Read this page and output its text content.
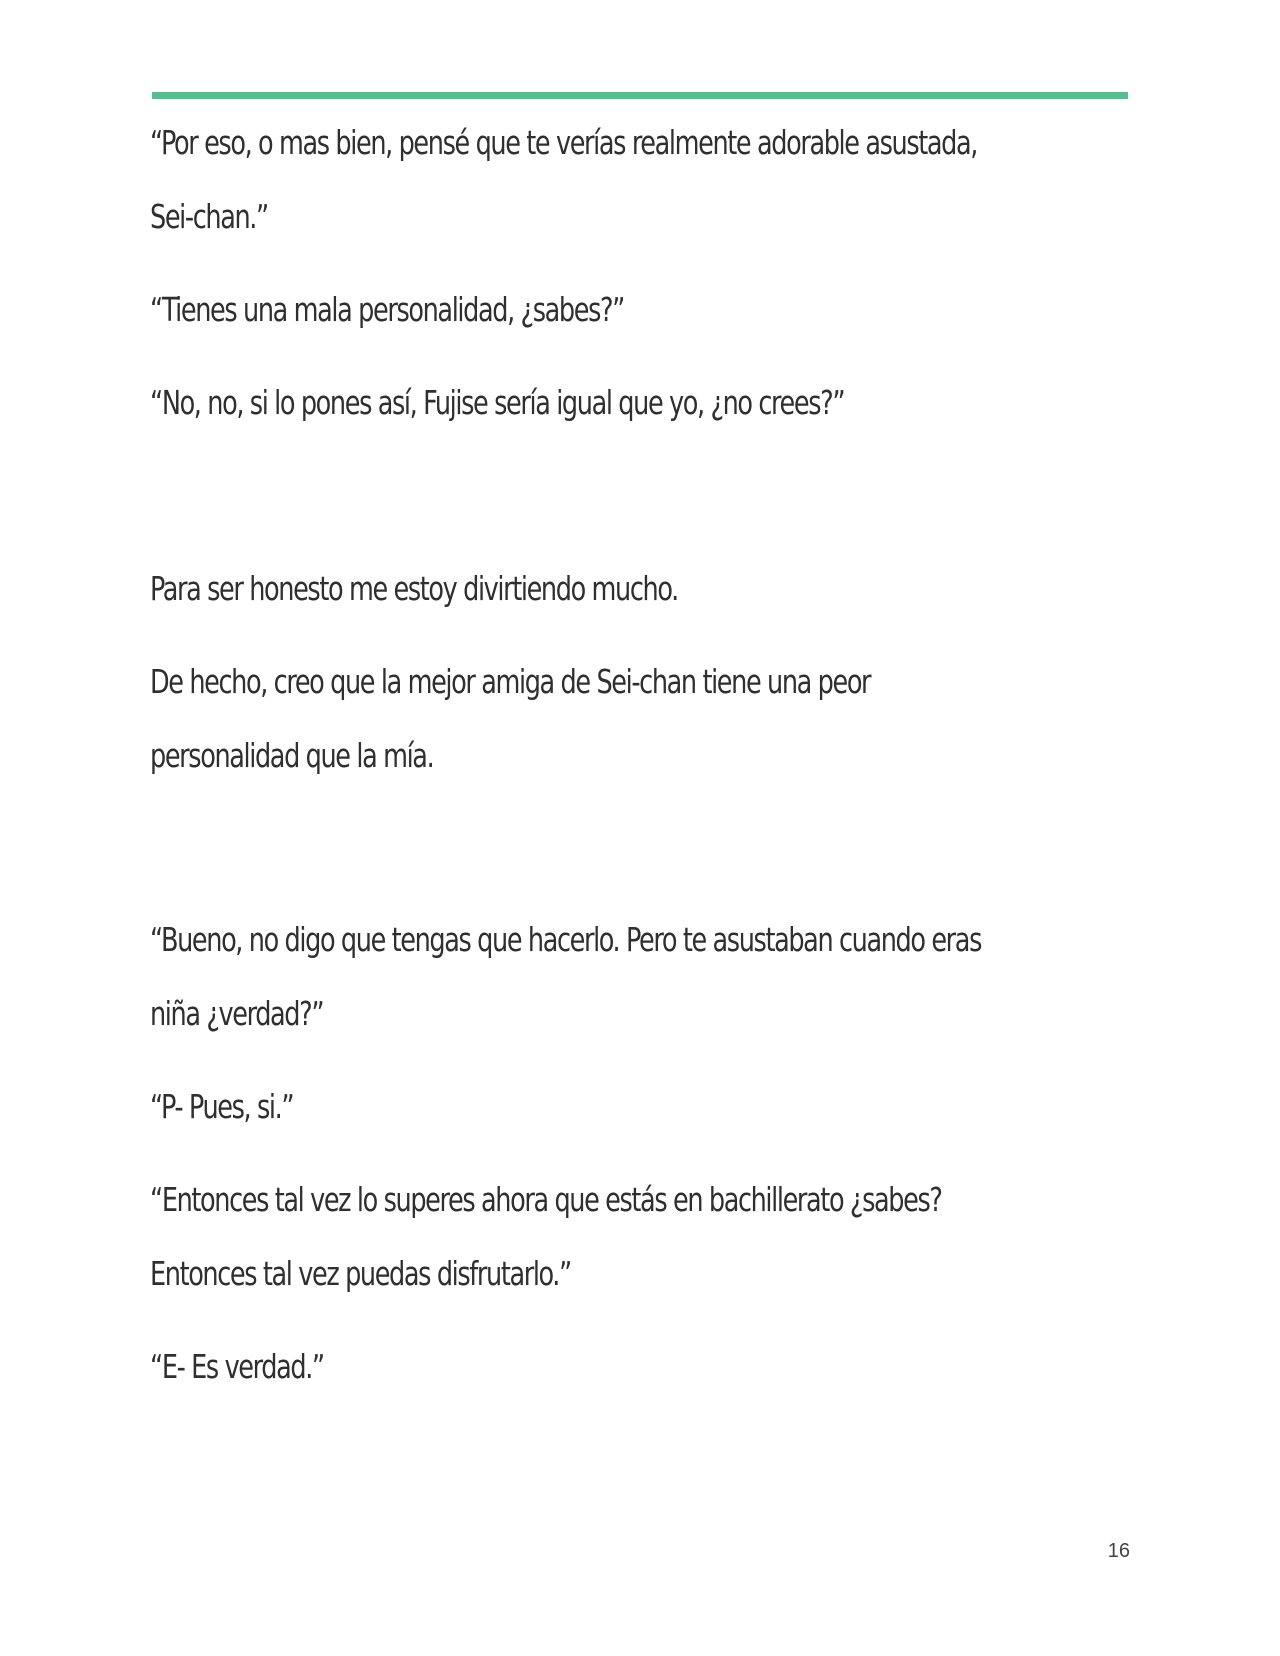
“Por eso, o mas bien, pensé que te verías realmente adorable asustada, Sei-chan.”

“Tienes una mala personalidad, ¿sabes?”

“No, no, si lo pones así, Fujise sería igual que yo, ¿no crees?”

Para ser honesto me estoy divirtiendo mucho.

De hecho, creo que la mejor amiga de Sei-chan tiene una peor personalidad que la mía.

“Bueno, no digo que tengas que hacerlo. Pero te asustaban cuando eras niña ¿verdad?”

“P- Pues, si.”

“Entonces tal vez lo superes ahora que estás en bachillerato ¿sabes? Entonces tal vez puedas disfrutarlo.”

“E- Es verdad.”

16
